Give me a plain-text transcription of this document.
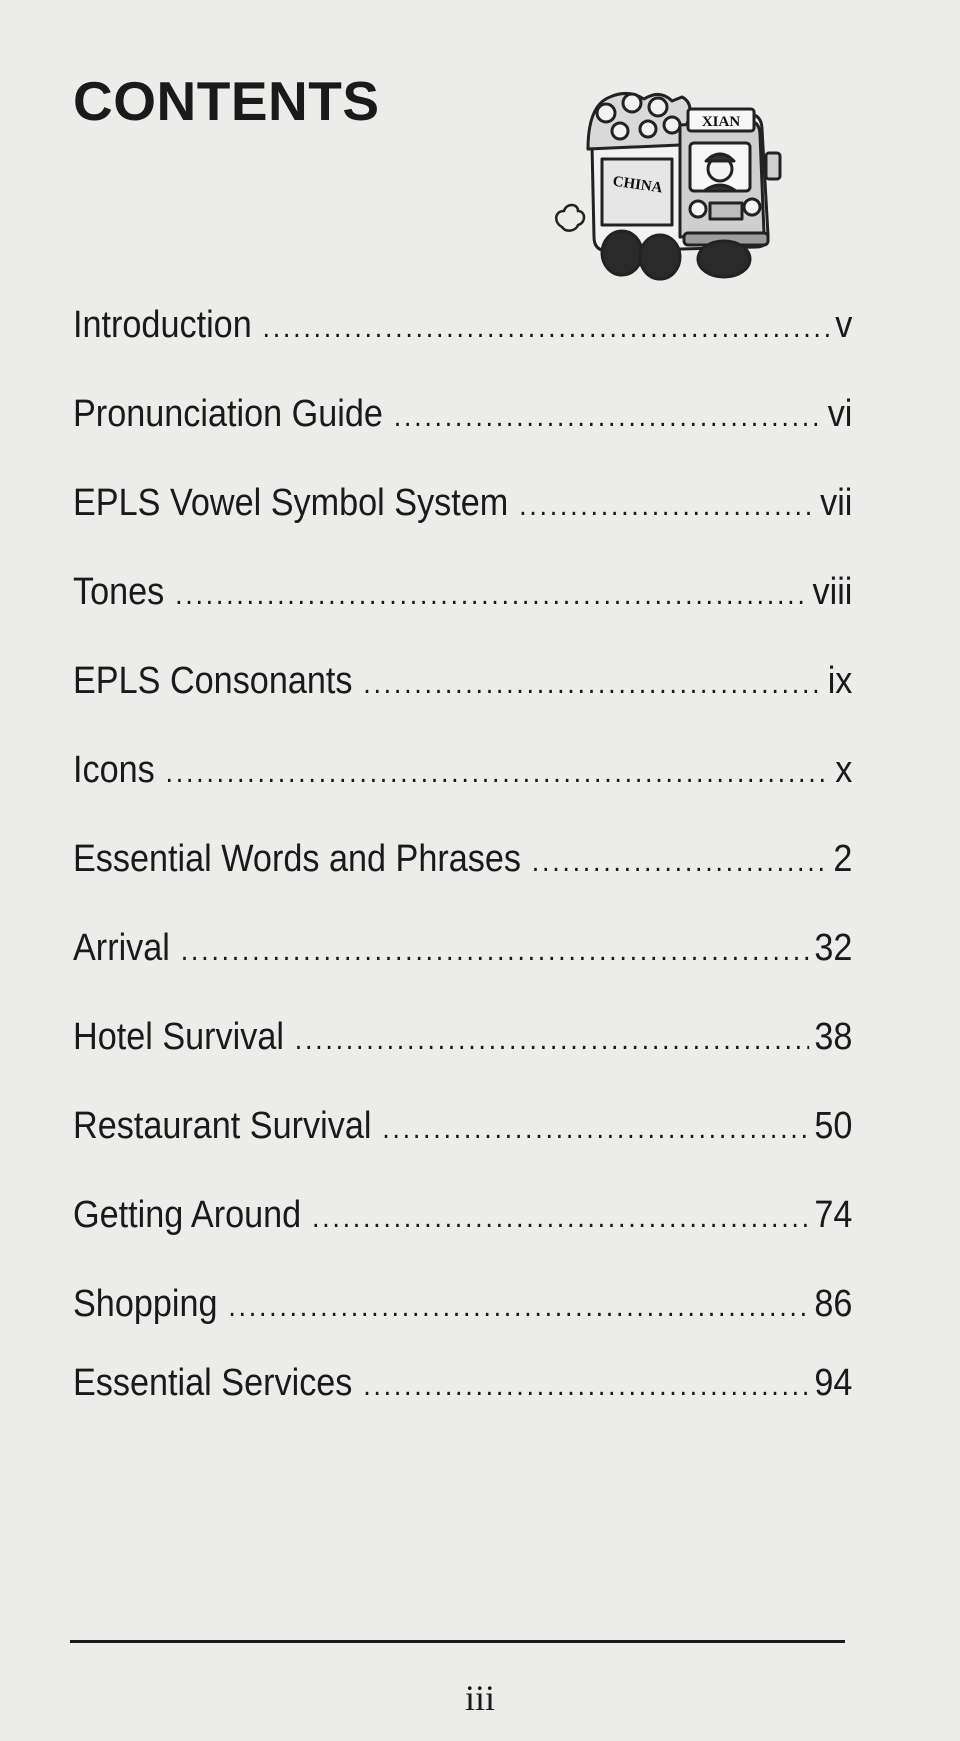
CONTENTS	XIAN
CHINA
Introduction .....	v
Pronunciation Guide .....	vi
EPLS Vowel Symbol System .....	vii
Tones .....	viii
EPLS Consonants .....	ix
Icons .....	x
Essential Words and Phrases .....	2
Arrival .....	32
Hotel Survival .....	38
Restaurant Survival .....	50
Getting Around .....	74
Shopping .....	86
Essential Services .....	94
iii
